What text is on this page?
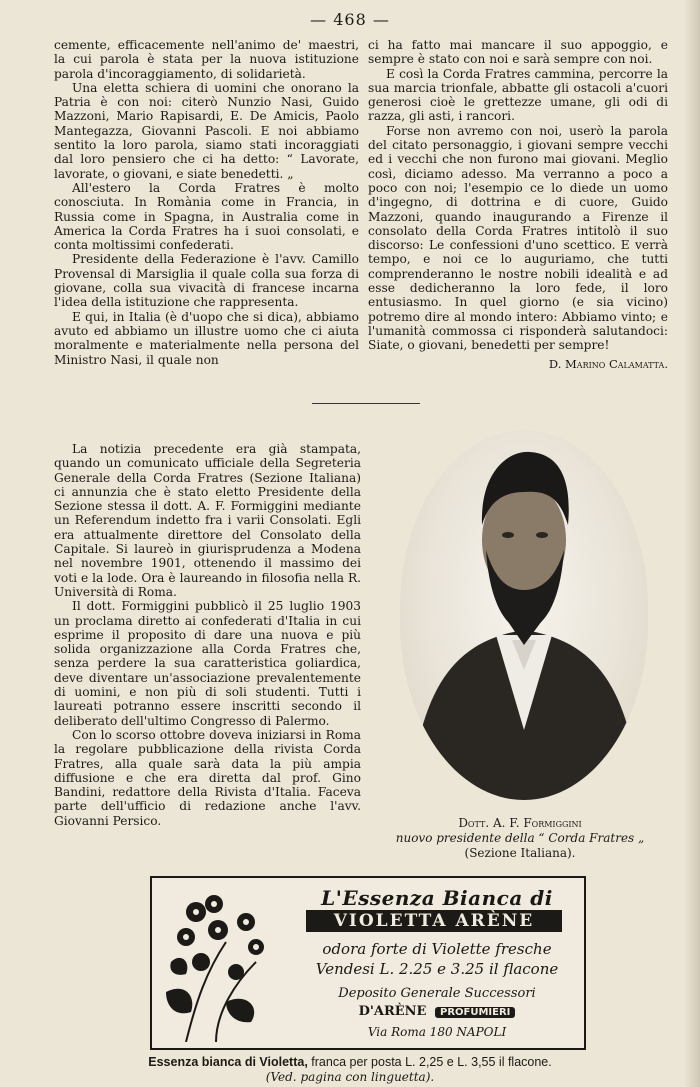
— 468 —

cemente, efficacemente nell'animo de' maestri, la cui parola è stata per la nuova istituzione parola d'incoraggiamento, di solidarietà.

Una eletta schiera di uomini che onorano la Patria è con noi: citerò Nunzio Nasi, Guido Mazzoni, Mario Rapisardi, E. De Amicis, Paolo Mantegazza, Giovanni Pascoli. E noi abbiamo sentito la loro parola, siamo stati incoraggiati dal loro pensiero che ci ha detto: “ Lavorate, lavorate, o giovani, e siate benedetti. „

All'estero la Corda Fratres è molto conosciuta. In Romània come in Francia, in Russia come in Spagna, in Australia come in America la Corda Fratres ha i suoi consolati, e conta moltissimi confederati.

Presidente della Federazione è l'avv. Camillo Provensal di Marsiglia il quale colla sua forza di giovane, colla sua vivacità di francese incarna l'idea della istituzione che rappresenta.

E qui, in Italia (è d'uopo che si dica), abbiamo avuto ed abbiamo un illustre uomo che ci aiuta moralmente e materialmente nella persona del Ministro Nasi, il quale non

ci ha fatto mai mancare il suo appoggio, e sempre è stato con noi e sarà sempre con noi.

E così la Corda Fratres cammina, percorre la sua marcia trionfale, abbatte gli ostacoli a'cuori generosi cioè le grettezze umane, gli odi di razza, gli asti, i rancori.

Forse non avremo con noi, userò la parola del citato personaggio, i giovani sempre vecchi ed i vecchi che non furono mai giovani. Meglio così, diciamo adesso. Ma verranno a poco a poco con noi; l'esempio ce lo diede un uomo d'ingegno, di dottrina e di cuore, Guido Mazzoni, quando inaugurando a Firenze il consolato della Corda Fratres intitolò il suo discorso: Le confessioni d'uno scettico. E verrà tempo, e noi ce lo auguriamo, che tutti comprenderanno le nostre nobili idealità e ad esse dedicheranno la loro fede, il loro entusiasmo. In quel giorno (e sia vicino) potremo dire al mondo intero: Abbiamo vinto; e l'umanità commossa ci risponderà salutandoci: Siate, o giovani, benedetti per sempre!

D. Marino Calamatta.

La notizia precedente era già stampata, quando un comunicato ufficiale della Segreteria Generale della Corda Fratres (Sezione Italiana) ci annunzia che è stato eletto Presidente della Sezione stessa il dott. A. F. Formiggini mediante un Referendum indetto fra i varii Consolati. Egli era attualmente direttore del Consolato della Capitale. Si laureò in giurisprudenza a Modena nel novembre 1901, ottenendo il massimo dei voti e la lode. Ora è laureando in filosofia nella R. Università di Roma.

Il dott. Formiggini pubblicò il 25 luglio 1903 un proclama diretto ai confederati d'Italia in cui esprime il proposito di dare una nuova e più solida organizzazione alla Corda Fratres che, senza perdere la sua caratteristica goliardica, deve diventare un'associazione prevalentemente di uomini, e non più di soli studenti. Tutti i laureati potranno essere inscritti secondo il deliberato dell'ultimo Congresso di Palermo.

Con lo scorso ottobre doveva iniziarsi in Roma la regolare pubblicazione della rivista Corda Fratres, alla quale sarà data la più ampia diffusione e che era diretta dal prof. Gino Bandini, redattore della Rivista d'Italia. Faceva parte dell'ufficio di redazione anche l'avv. Giovanni Persico.	Dott. A. F. Formiggini
nuovo presidente della “ Corda Fratres „
(Sezione Italiana).
L'Essenza Bianca di
VIOLETTA ARÈNE
odora forte di Violette fresche
Vendesi L. 2.25 e 3.25 il flacone
Deposito Generale Successori
D'ARÈNE PROFUMIERI
Via Roma 180 NAPOLI
Essenza bianca di Violetta, franca per posta L. 2,25 e L. 3,55 il flacone.
(Ved. pagina con linguetta).
